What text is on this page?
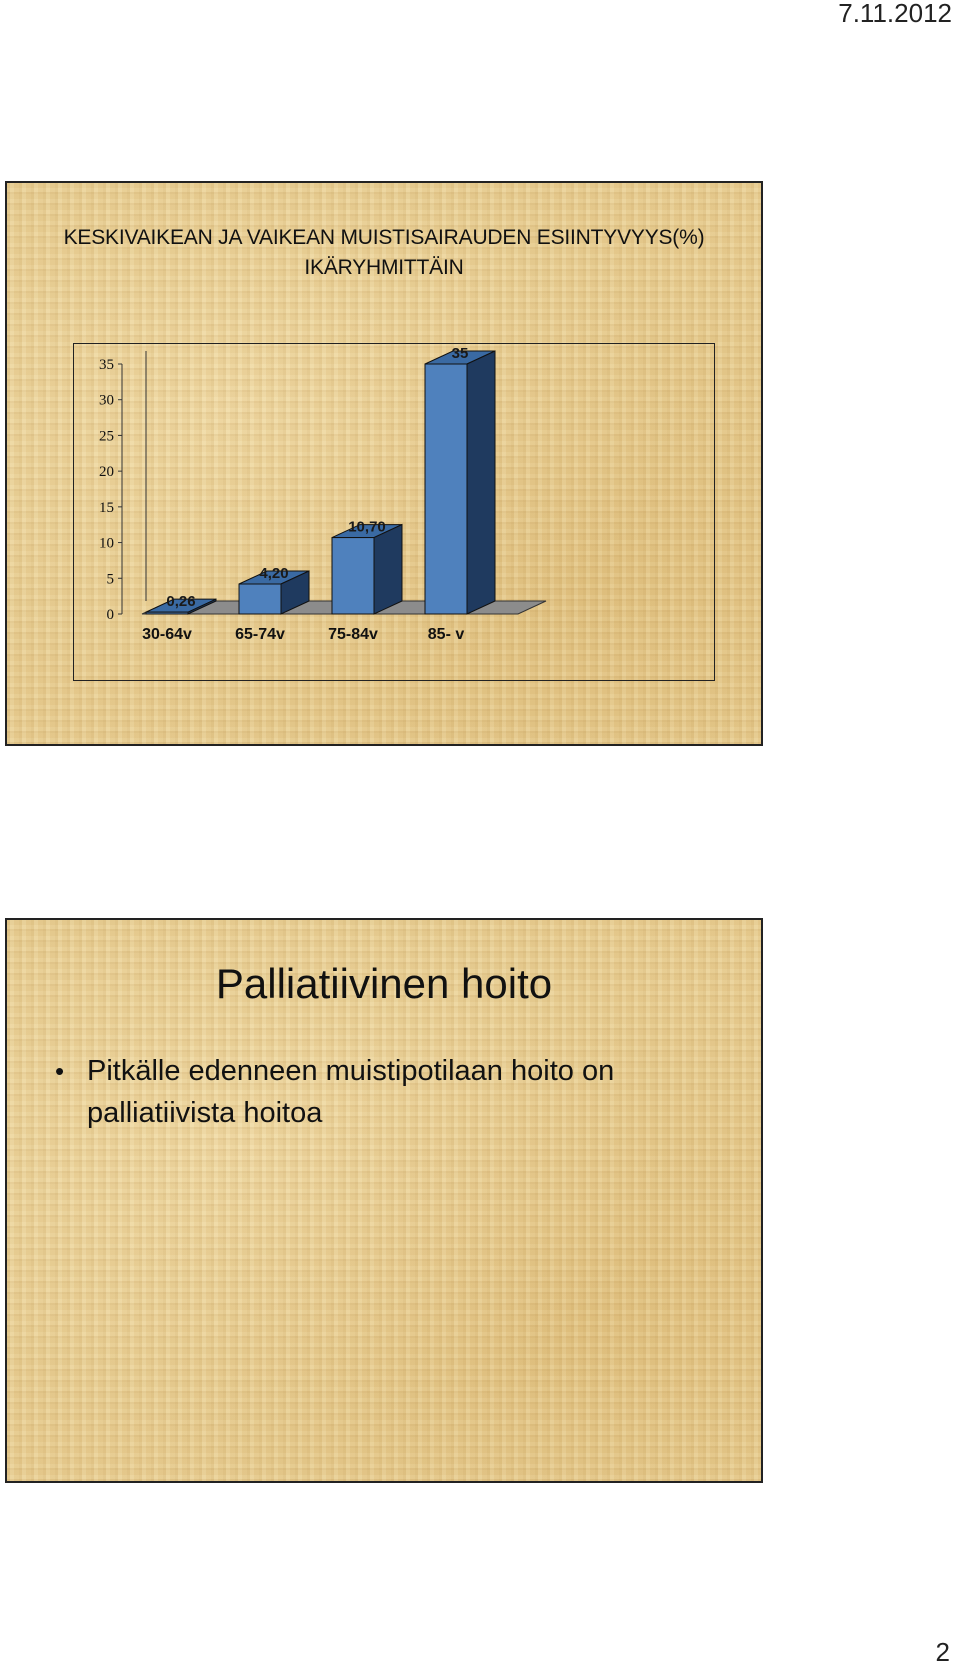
7.11.2012
KESKIVAIKEAN JA VAIKEAN MUISTISAIRAUDEN ESIINTYVYYS(%)
IKÄRYHMITTÄIN
0
5
10
15
20
25
30
35
0,26
30-64v
4,20
65-74v
10,70
75-84v
35
85- v
Palliatiivinen hoito
• Pitkälle edenneen muistipotilaan hoito on
palliatiivista hoitoa
2
